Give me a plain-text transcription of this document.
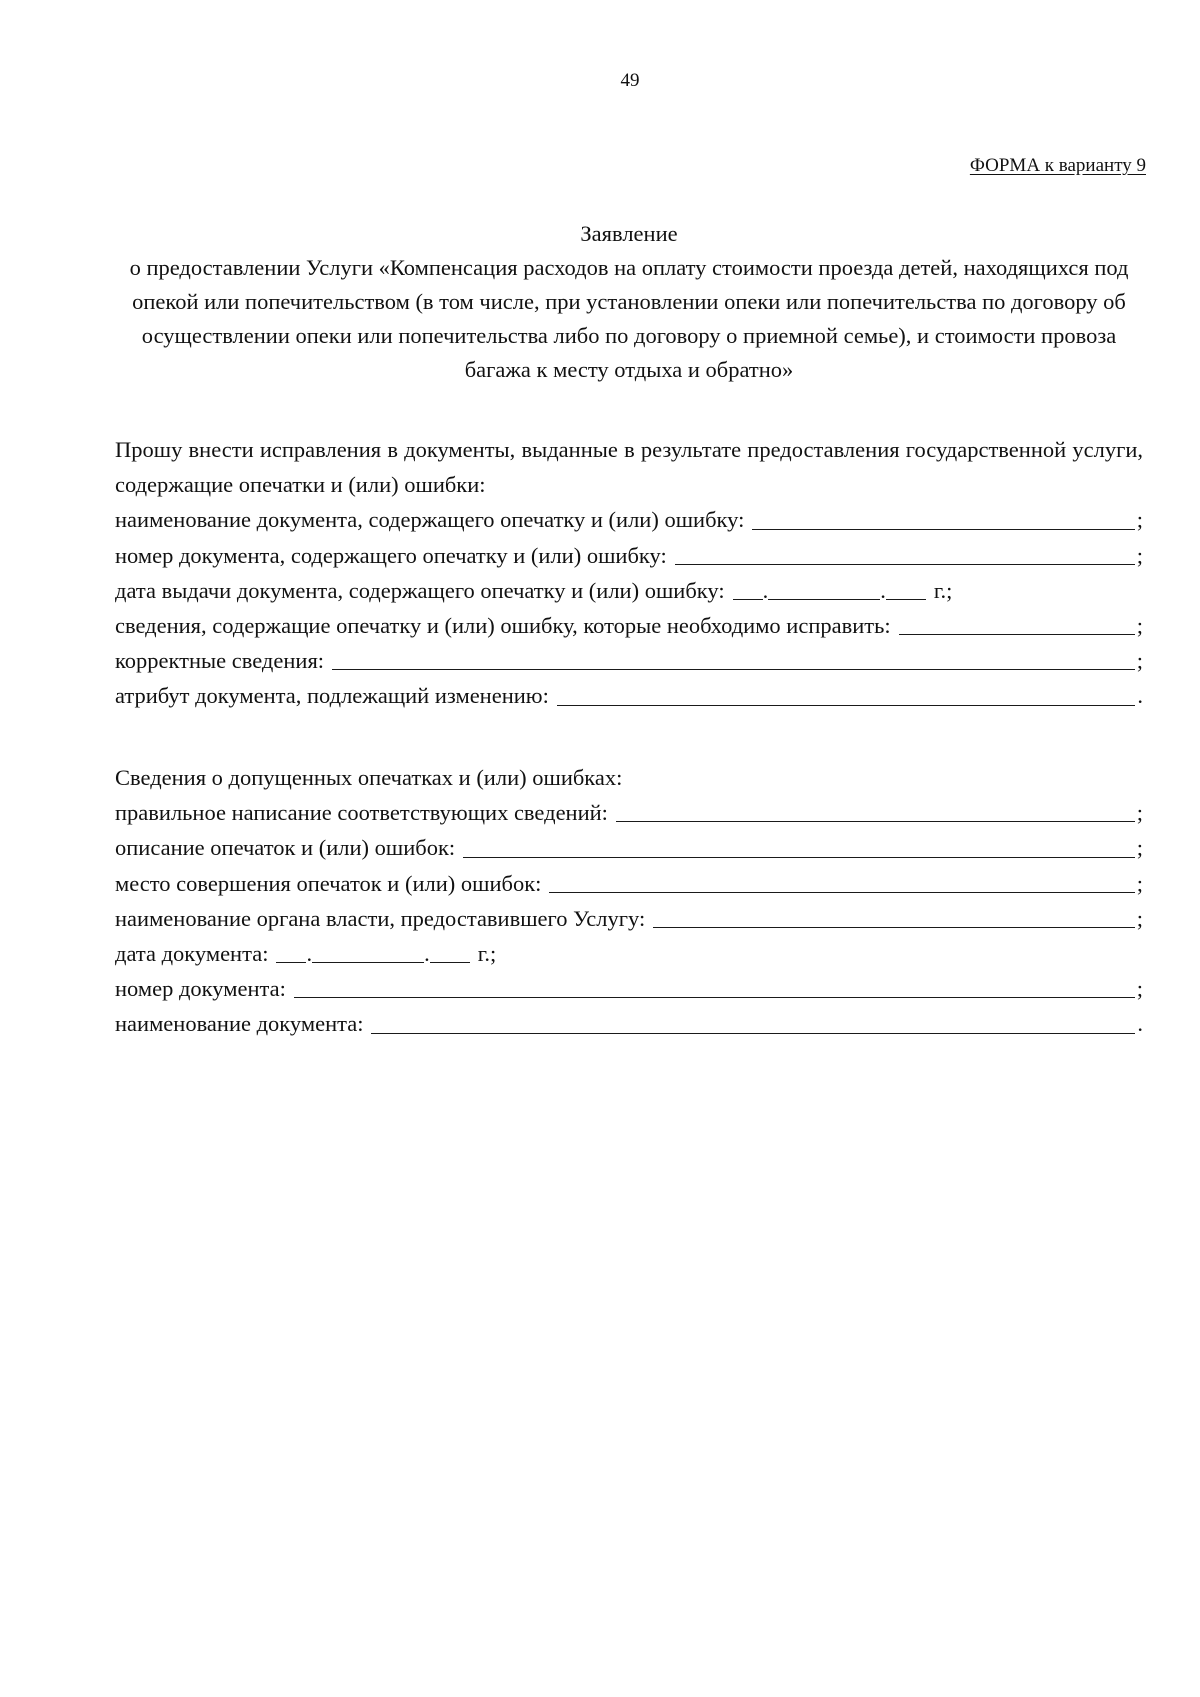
49
ФОРМА к варианту 9
Заявление
о предоставлении Услуги «Компенсация расходов на оплату стоимости проезда детей, находящихся под опекой или попечительством (в том числе, при установлении опеки или попечительства по договору об осуществлении опеки или попечительства либо по договору о приемной семье), и стоимости провоза багажа к месту отдыха и обратно»
Прошу внести исправления в документы, выданные в результате предоставления государственной услуги, содержащие опечатки и (или) ошибки:
наименование документа, содержащего опечатку и (или) ошибку:	;
номер документа, содержащего опечатку и (или) ошибку:	;
дата выдачи документа, содержащего опечатку и (или) ошибку: .	. г.;
сведения, содержащие опечатку и (или) ошибку, которые необходимо исправить:	;
корректные сведения:	;
атрибут документа, подлежащий изменению:	.
Сведения о допущенных опечатках и (или) ошибках:
правильное написание соответствующих сведений:	;
описание опечаток и (или) ошибок:	;
место совершения опечаток и (или) ошибок:	;
наименование органа власти, предоставившего Услугу:	;
дата документа: .	. г.;
номер документа:	;
наименование документа:	.
